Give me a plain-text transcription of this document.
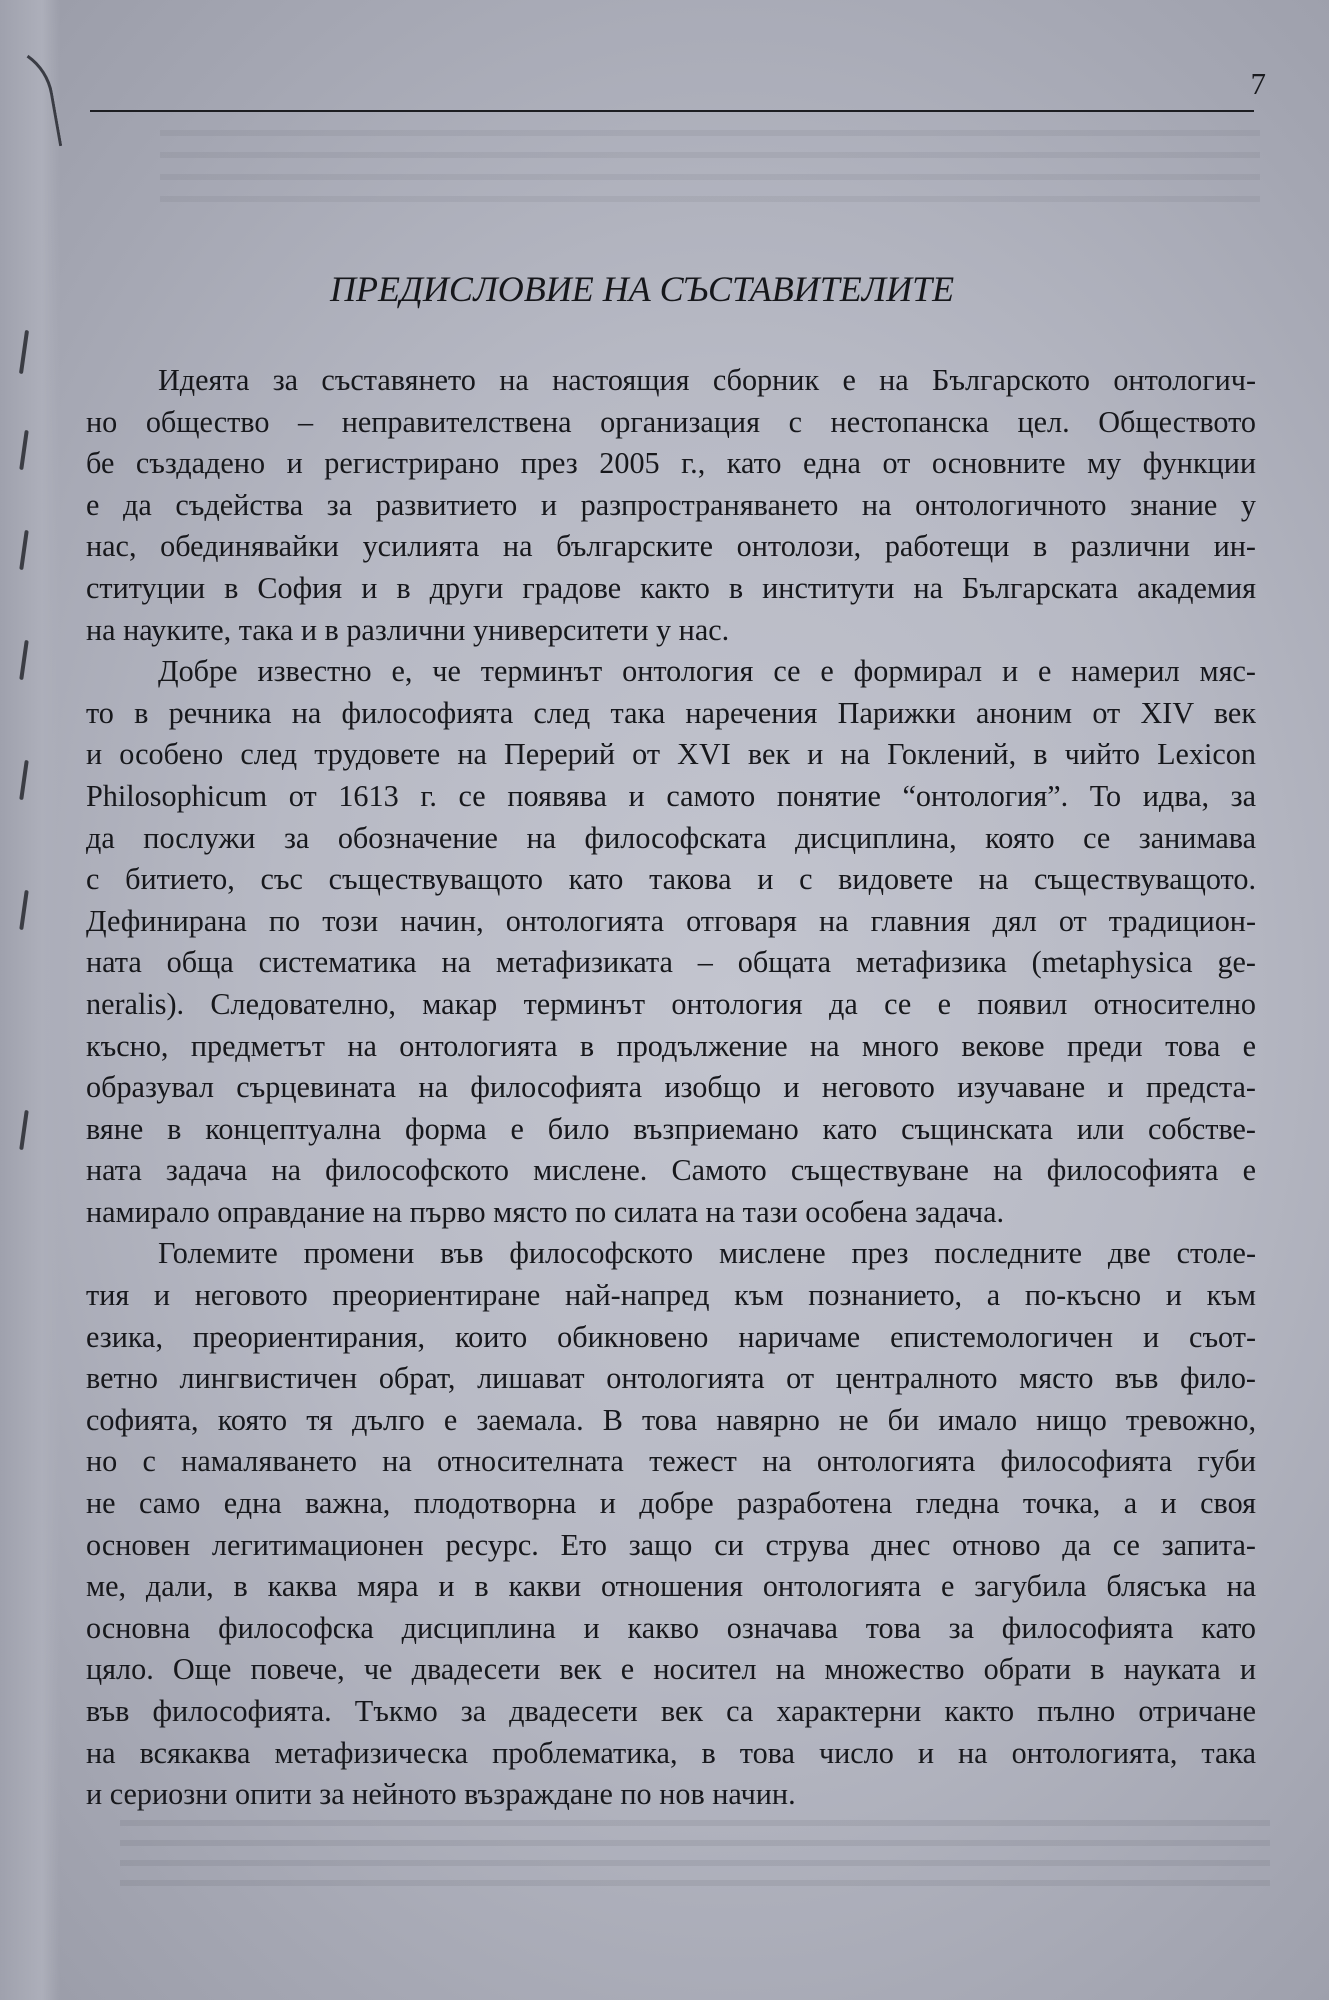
7
ПРЕДИСЛОВИЕ НА СЪСТАВИТЕЛИТЕ
Идеята за съставянето на настоящия сборник е на Българското онтологич-
но общество – неправителствена организация с нестопанска цел. Обществото
бе създадено и регистрирано през 2005 г., като една от основните му функции
е да съдейства за развитието и разпространяването на онтологичното знание у
нас, обединявайки усилията на българските онтолози, работещи в различни ин-
ституции в София и в други градове както в институти на Българската академия
на науките, така и в различни университети у нас.
Добре известно е, че терминът онтология се е формирал и е намерил мяс-
то в речника на философията след така наречения Парижки аноним от XIV век
и особено след трудовете на Перерий от XVI век и на Гоклений, в чийто Lexicon
Philosophicum от 1613 г. се появява и самото понятие “онтология”. То идва, за
да послужи за обозначение на философската дисциплина, която се занимава
с битието, със съществуващото като такова и с видовете на съществуващото.
Дефинирана по този начин, онтологията отговаря на главния дял от традицион-
ната обща систематика на метафизиката – общата метафизика (metaphysica ge-
neralis). Следователно, макар терминът онтология да се е появил относително
късно, предметът на онтологията в продължение на много векове преди това е
образувал сърцевината на философията изобщо и неговото изучаване и предста-
вяне в концептуална форма е било възприемано като същинската или собстве-
ната задача на философското мислене. Самото съществуване на философията е
намирало оправдание на първо място по силата на тази особена задача.
Големите промени във философското мислене през последните две столе-
тия и неговото преориентиране най-напред към познанието, а по-късно и към
езика, преориентирания, които обикновено наричаме епистемологичен и съот-
ветно лингвистичен обрат, лишават онтологията от централното място във фило-
софията, която тя дълго е заемала. В това навярно не би имало нищо тревожно,
но с намаляването на относителната тежест на онтологията философията губи
не само една важна, плодотворна и добре разработена гледна точка, а и своя
основен легитимационен ресурс. Ето защо си струва днес отново да се запита-
ме, дали, в каква мяра и в какви отношения онтологията е загубила блясъка на
основна философска дисциплина и какво означава това за философията като
цяло. Още повече, че двадесети век е носител на множество обрати в науката и
във философията. Тъкмо за двадесети век са характерни както пълно отричане
на всякаква метафизическа проблематика, в това число и на онтологията, така
и сериозни опити за нейното възраждане по нов начин.
